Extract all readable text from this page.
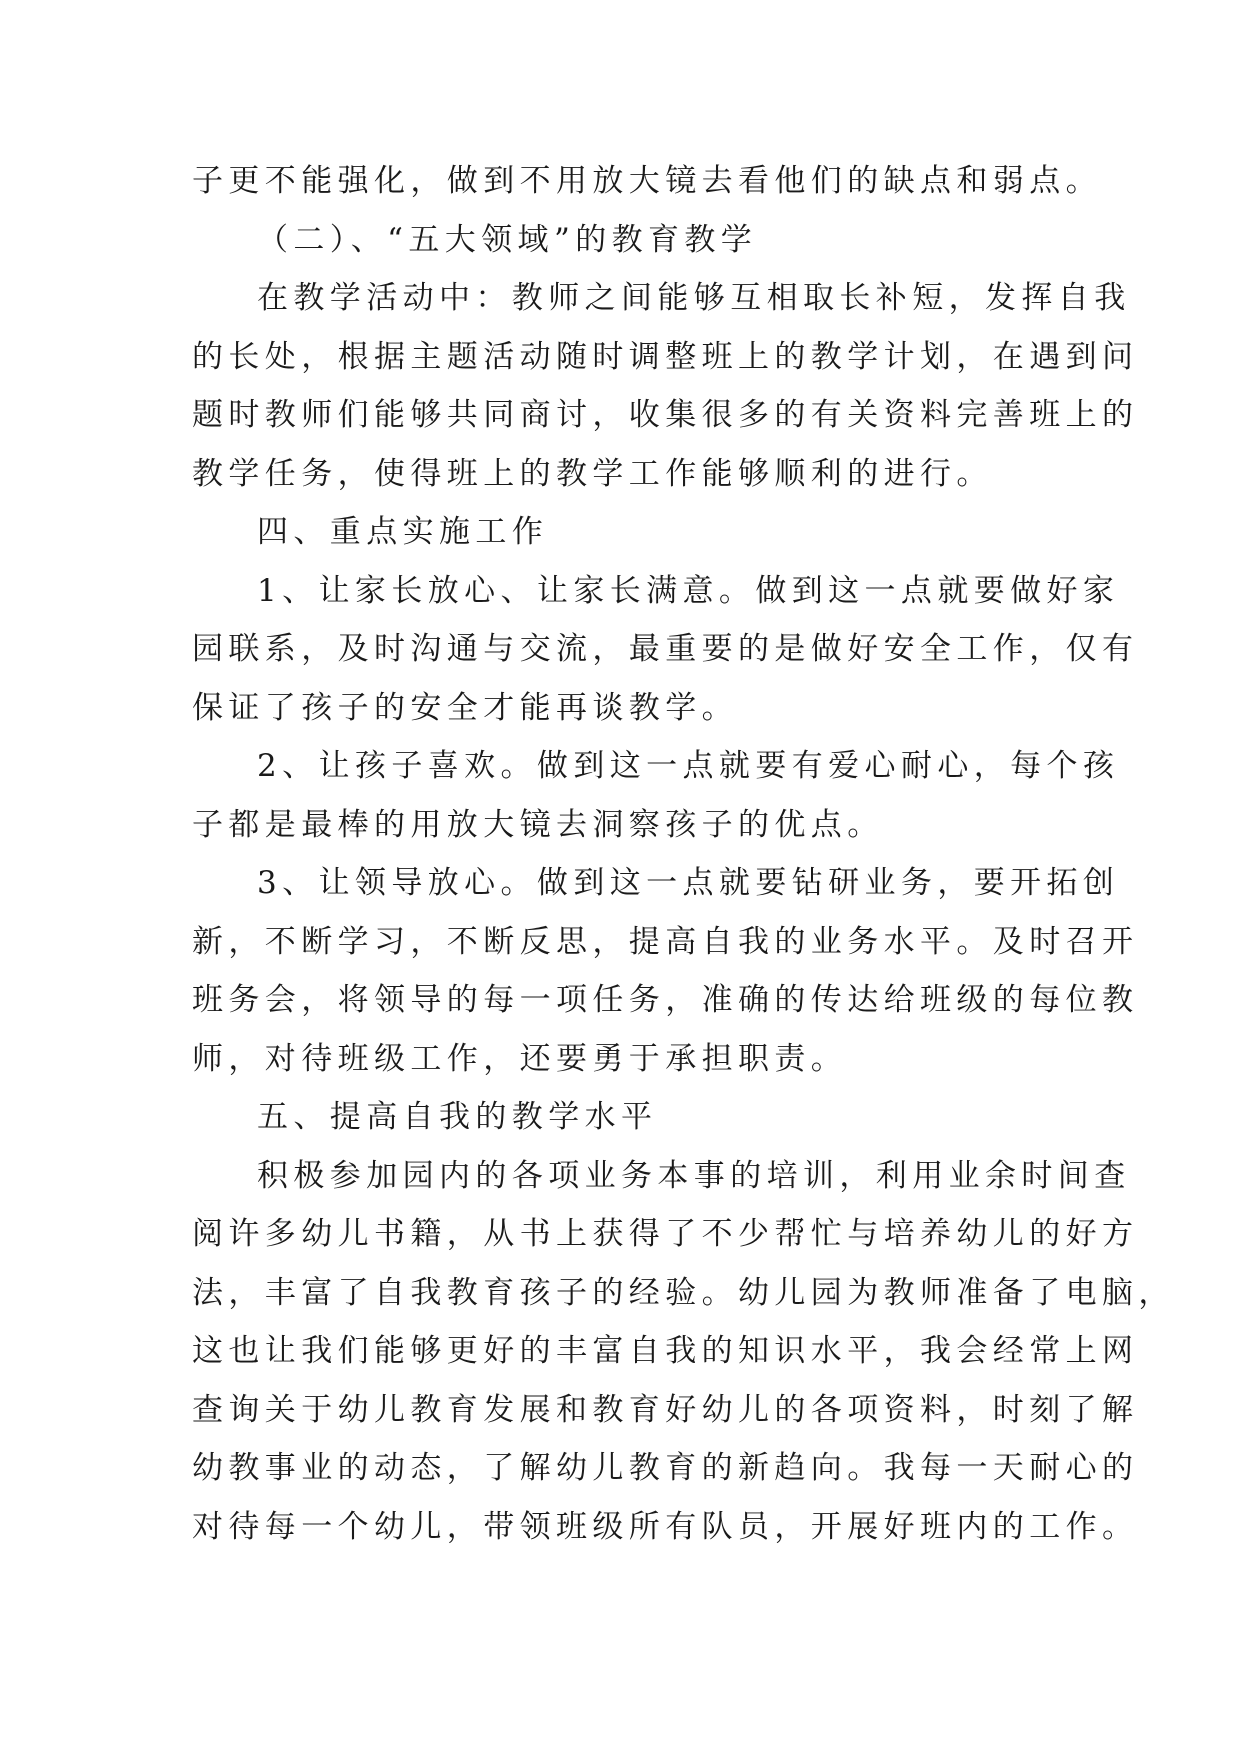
子更不能强化，做到不用放大镜去看他们的缺点和弱点。
（二）、“五大领域”的教育教学
在教学活动中：教师之间能够互相取长补短，发挥自我
的长处，根据主题活动随时调整班上的教学计划，在遇到问
题时教师们能够共同商讨，收集很多的有关资料完善班上的
教学任务，使得班上的教学工作能够顺利的进行。
四、重点实施工作
1、让家长放心、让家长满意。做到这一点就要做好家
园联系，及时沟通与交流，最重要的是做好安全工作，仅有
保证了孩子的安全才能再谈教学。
2、让孩子喜欢。做到这一点就要有爱心耐心，每个孩
子都是最棒的用放大镜去洞察孩子的优点。
3、让领导放心。做到这一点就要钻研业务，要开拓创
新，不断学习，不断反思，提高自我的业务水平。及时召开
班务会，将领导的每一项任务，准确的传达给班级的每位教
师，对待班级工作，还要勇于承担职责。
五、提高自我的教学水平
积极参加园内的各项业务本事的培训，利用业余时间查
阅许多幼儿书籍，从书上获得了不少帮忙与培养幼儿的好方
法，丰富了自我教育孩子的经验。幼儿园为教师准备了电脑，
这也让我们能够更好的丰富自我的知识水平，我会经常上网
查询关于幼儿教育发展和教育好幼儿的各项资料，时刻了解
幼教事业的动态，了解幼儿教育的新趋向。我每一天耐心的
对待每一个幼儿，带领班级所有队员，开展好班内的工作。
